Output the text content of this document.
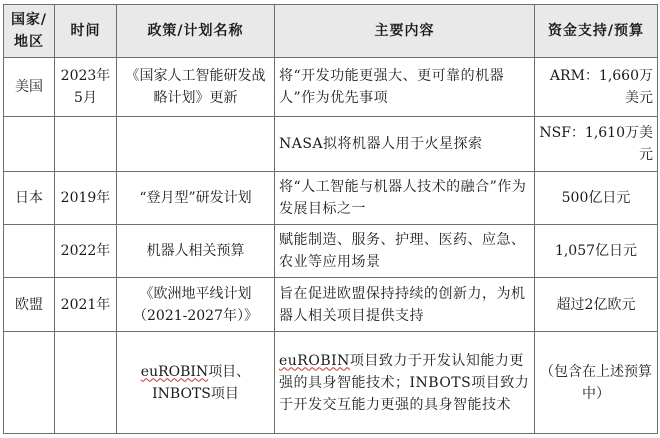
国家/地区	时间	政策/计划名称	主要内容	资金支持/预算
美国	2023年5月	《国家人工智能研发战略计划》更新	将“开发功能更强大、更可靠的机器人”作为优先事项	ARM：1,660万美元
			NASA拟将机器人用于火星探索	NSF：1,610万美元
日本	2019年	“登月型”研发计划	将“人工智能与机器人技术的融合”作为发展目标之一	500亿日元
	2022年	机器人相关预算	赋能制造、服务、护理、医药、应急、农业等应用场景	1,057亿日元
欧盟	2021年	《欧洲地平线计划（2021-2027年）》	旨在促进欧盟保持持续的创新力，为机器人相关项目提供支持	超过2亿欧元
		euROBIN项目、INBOTS项目	euROBIN项目致力于开发认知能力更强的具身智能技术；INBOTS项目致力于开发交互能力更强的具身智能技术	（包含在上述预算中）
